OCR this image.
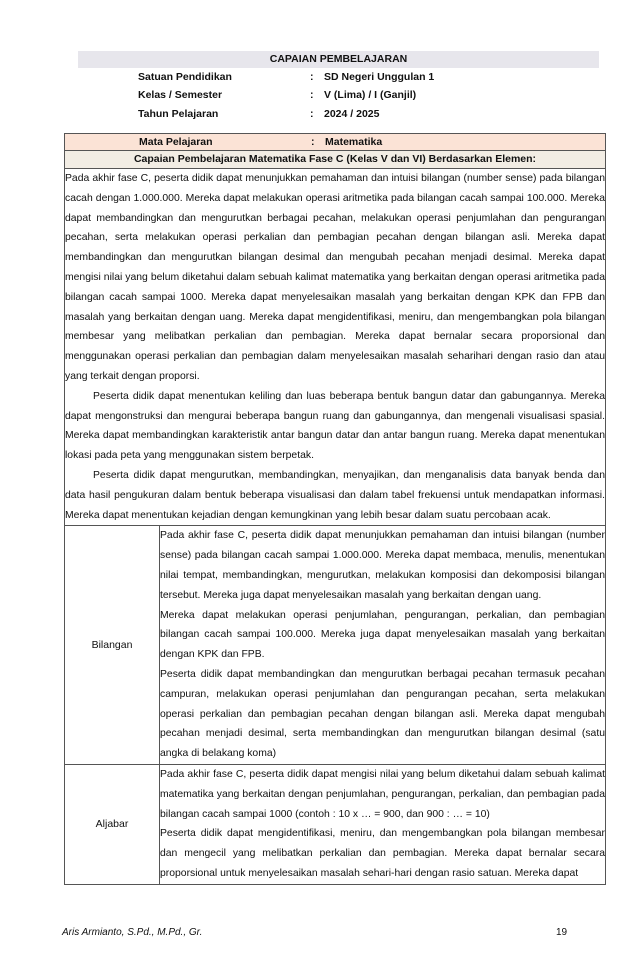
CAPAIAN PEMBELAJARAN
Satuan Pendidikan	: SD Negeri Unggulan 1
Kelas / Semester	: V (Lima) / I (Ganjil)
Tahun Pelajaran	: 2024 / 2025
Mata Pelajaran : Matematika	

Capaian Pembelajaran Matematika Fase C (Kelas V dan VI) Berdasarkan Elemen:	

Pada akhir fase C, peserta didik dapat menunjukkan pemahaman dan intuisi bilangan (number sense) pada bilangan cacah dengan 1.000.000. Mereka dapat melakukan operasi aritmetika pada bilangan cacah sampai 100.000. Mereka dapat membandingkan dan mengurutkan berbagai pecahan, melakukan operasi penjumlahan dan pengurangan pecahan, serta melakukan operasi perkalian dan pembagian pecahan dengan bilangan asli. Mereka dapat membandingkan dan mengurutkan bilangan desimal dan mengubah pecahan menjadi desimal. Mereka dapat mengisi nilai yang belum diketahui dalam sebuah kalimat matematika yang berkaitan dengan operasi aritmetika pada bilangan cacah sampai 1000. Mereka dapat menyelesaikan masalah yang berkaitan dengan KPK dan FPB dan masalah yang berkaitan dengan uang. Mereka dapat mengidentifikasi, meniru, dan mengembangkan pola bilangan membesar yang melibatkan perkalian dan pembagian. Mereka dapat bernalar secara proporsional dan menggunakan operasi perkalian dan pembagian dalam menyelesaikan masalah seharihari dengan rasio dan atau yang terkait dengan proporsi.

Peserta didik dapat menentukan keliling dan luas beberapa bentuk bangun datar dan gabungannya. Mereka dapat mengonstruksi dan mengurai beberapa bangun ruang dan gabungannya, dan mengenali visualisasi spasial. Mereka dapat membandingkan karakteristik antar bangun datar dan antar bangun ruang. Mereka dapat menentukan lokasi pada peta yang menggunakan sistem berpetak.

Peserta didik dapat mengurutkan, membandingkan, menyajikan, dan menganalisis data banyak benda dan data hasil pengukuran dalam bentuk beberapa visualisasi dan dalam tabel frekuensi untuk mendapatkan informasi. Mereka dapat menentukan kejadian dengan kemungkinan yang lebih besar dalam suatu percobaan acak.	

Bilangan	Pada akhir fase C, peserta didik dapat menunjukkan pemahaman dan intuisi bilangan (number sense) pada bilangan cacah sampai 1.000.000. Mereka dapat membaca, menulis, menentukan nilai tempat, membandingkan, mengurutkan, melakukan komposisi dan dekomposisi bilangan tersebut. Mereka juga dapat menyelesaikan masalah yang berkaitan dengan uang.

Mereka dapat melakukan operasi penjumlahan, pengurangan, perkalian, dan pembagian bilangan cacah sampai 100.000. Mereka juga dapat menyelesaikan masalah yang berkaitan dengan KPK dan FPB.

Peserta didik dapat membandingkan dan mengurutkan berbagai pecahan termasuk pecahan campuran, melakukan operasi penjumlahan dan pengurangan pecahan, serta melakukan operasi perkalian dan pembagian pecahan dengan bilangan asli. Mereka dapat mengubah pecahan menjadi desimal, serta membandingkan dan mengurutkan bilangan desimal (satu angka di belakang koma)

Aljabar	Pada akhir fase C, peserta didik dapat mengisi nilai yang belum diketahui dalam sebuah kalimat matematika yang berkaitan dengan penjumlahan, pengurangan, perkalian, dan pembagian pada bilangan cacah sampai 1000 (contoh : 10 x … = 900, dan 900 : … = 10)

Peserta didik dapat mengidentifikasi, meniru, dan mengembangkan pola bilangan membesar dan mengecil yang melibatkan perkalian dan pembagian. Mereka dapat bernalar secara proporsional untuk menyelesaikan masalah sehari-hari dengan rasio satuan. Mereka dapat

Aris Armianto, S.Pd., M.Pd., Gr.	19
